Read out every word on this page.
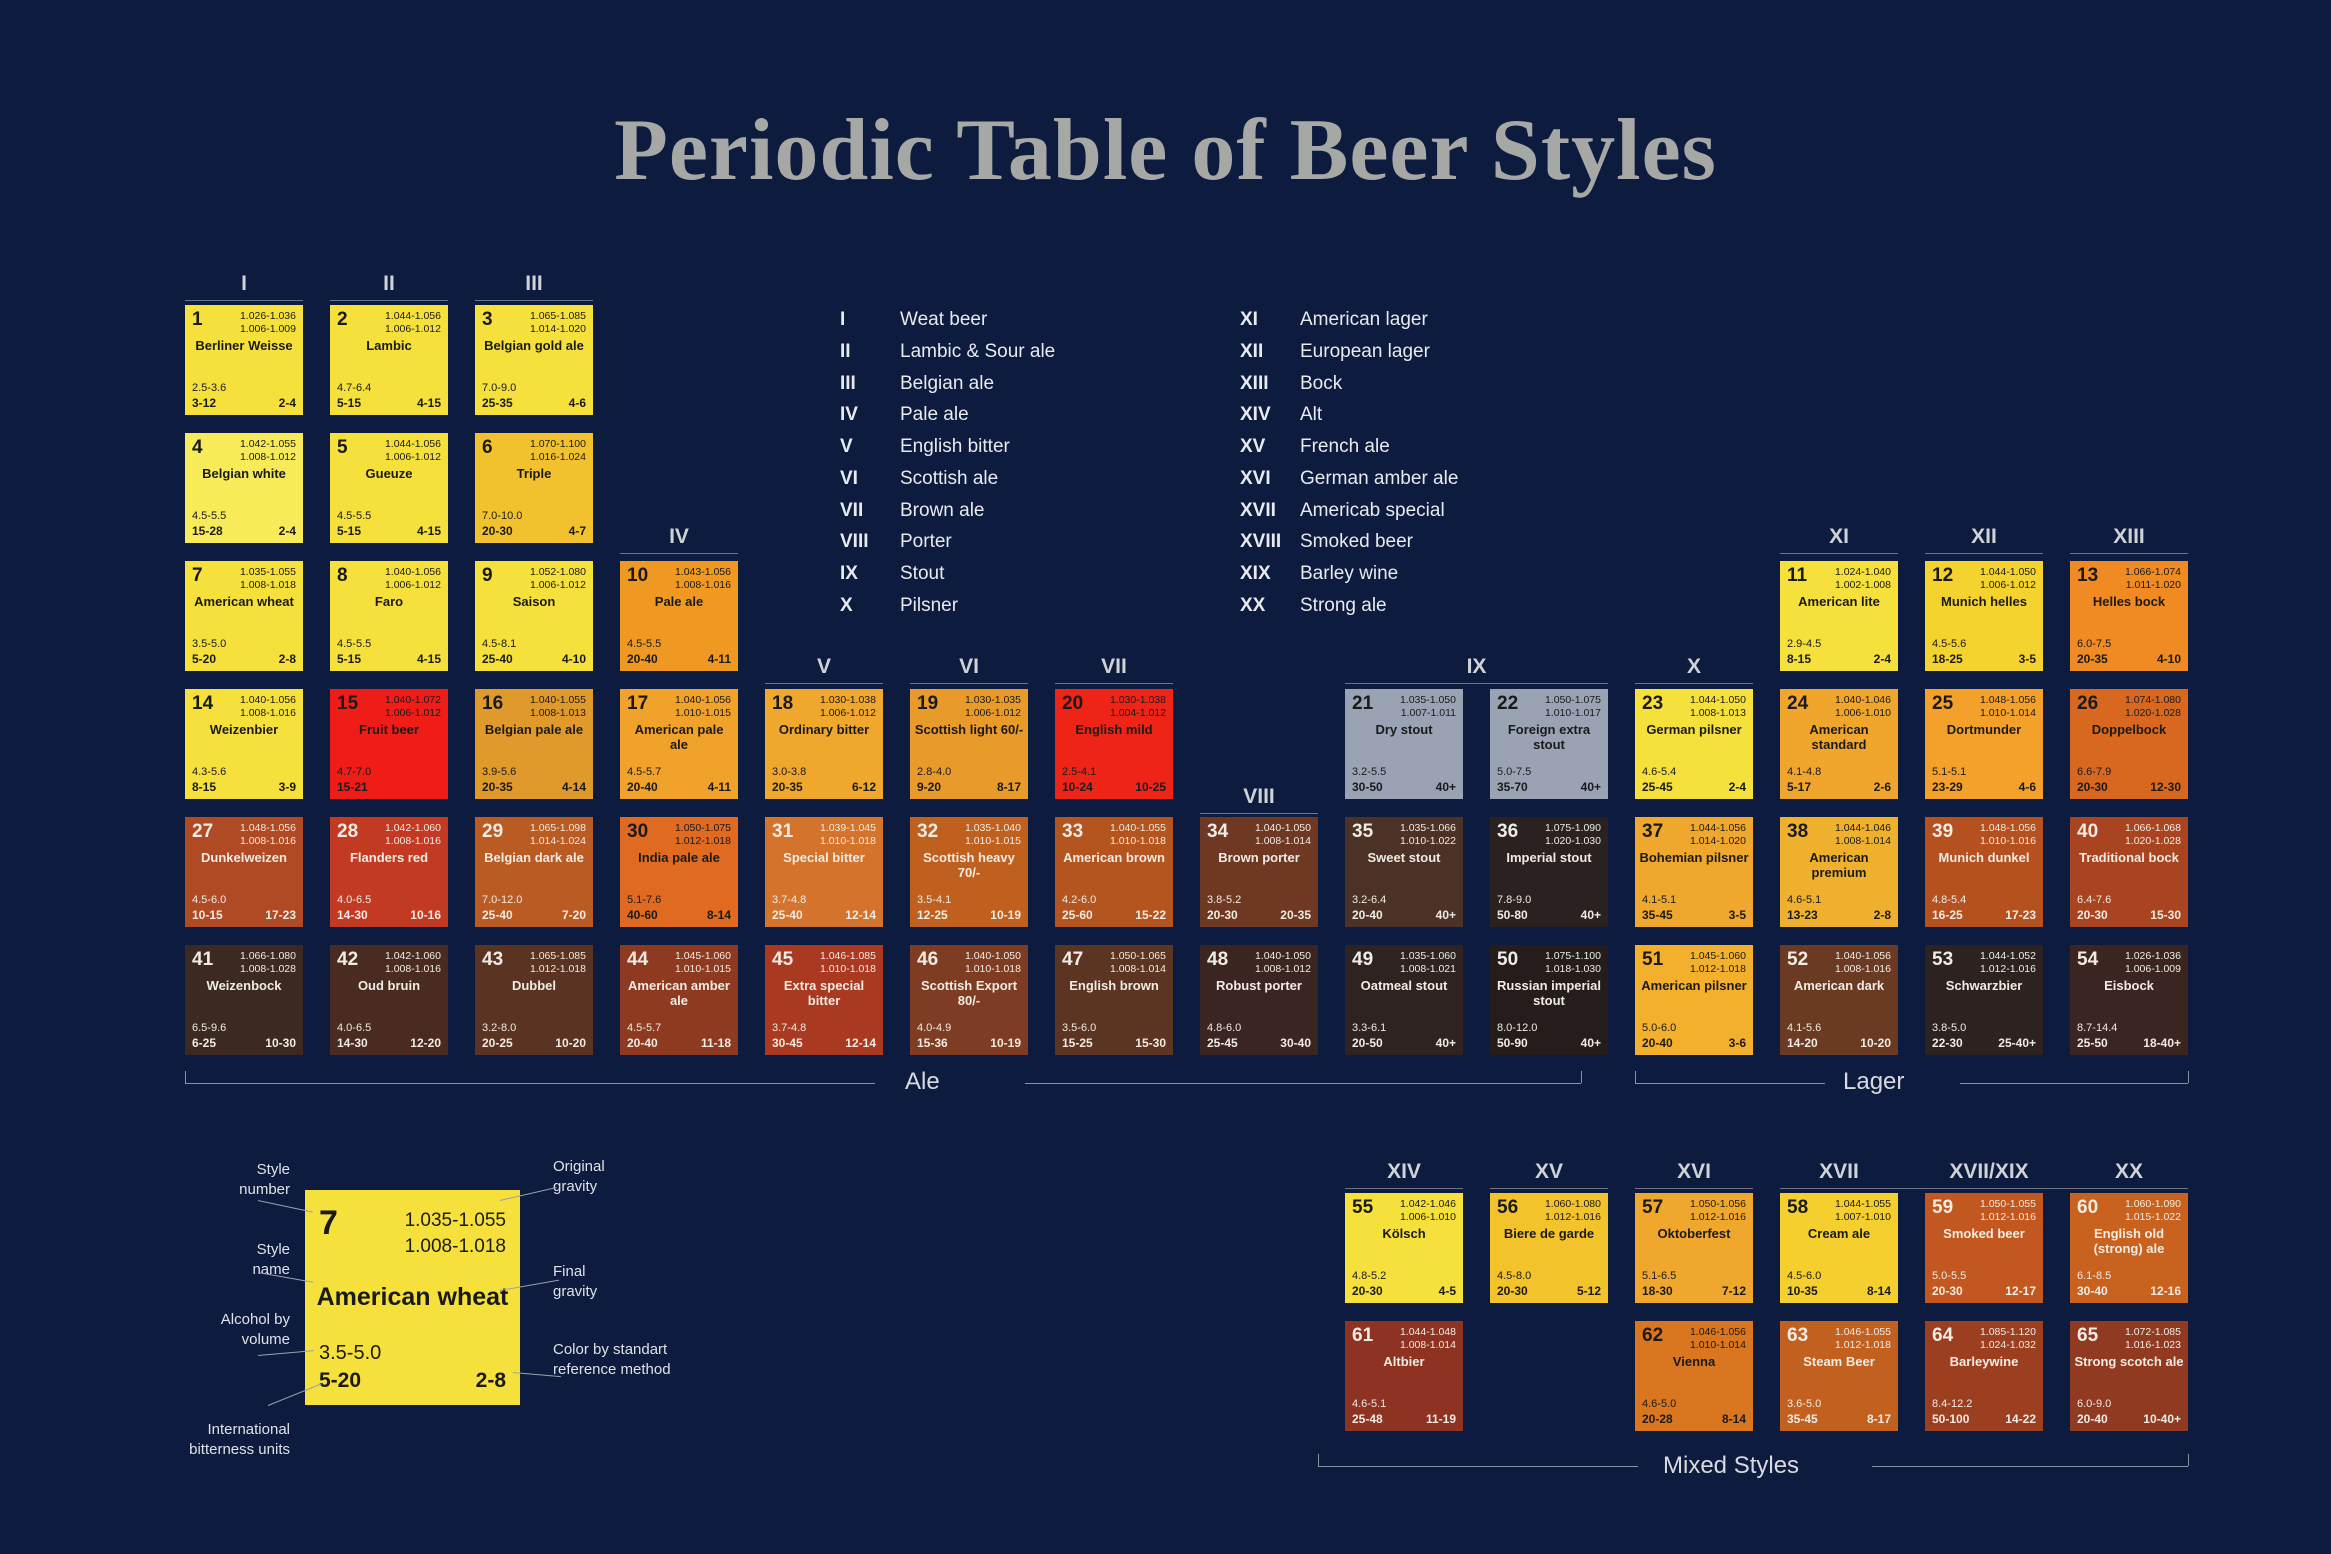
Periodic Table of Beer Styles
I	Weat beer
II	Lambic & Sour ale
III	Belgian ale
IV	Pale ale
V	English bitter
VI	Scottish ale
VII	Brown ale
VIII	Porter
IX	Stout
X	Pilsner
XI	American lager
XII	European lager
XIII	Bock
XIV	Alt
XV	French ale
XVI	German amber ale
XVII	Americab special
XVIII Smoked beer
XIX	Barley wine
XX	Strong ale
I	II	III
IV
V	VI	VII
VIII
IX	X
XI	XII	XIII
XIV	XV	XVI	XVII	XVII/XIX	XX
1	1.026-1.036
1.006-1.009
Berliner Weisse
2.5-3.6
3-12	2-4
2	1.044-1.056
1.006-1.012
Lambic
4.7-6.4
5-15	4-15
3	1.065-1.085
1.014-1.020
Belgian gold ale
7.0-9.0
25-35	4-6
4	1.042-1.055
1.008-1.012
Belgian white
4.5-5.5
15-28	2-4
5	1.044-1.056
1.006-1.012
Gueuze
4.5-5.5
5-15	4-15
6	1.070-1.100
1.016-1.024
Triple
7.0-10.0
20-30	4-7
7	1.035-1.055
1.008-1.018
American wheat
3.5-5.0
5-20	2-8
8	1.040-1.056
1.006-1.012
Faro
4.5-5.5
5-15	4-15
9	1.052-1.080
1.006-1.012
Saison
4.5-8.1
25-40	4-10
10	1.043-1.056
1.008-1.016
Pale ale
4.5-5.5
20-40	4-11
14	1.040-1.056
1.008-1.016
Weizenbier
4.3-5.6
8-15	3-9
15	1.040-1.072
1.006-1.012
Fruit beer
4.7-7.0
15-21
16	1.040-1.055
1.008-1.013
Belgian pale ale
3.9-5.6
20-35	4-14
17	1.040-1.056
1.010-1.015
American pale ale
4.5-5.7
20-40	4-11
18	1.030-1.038
1.006-1.012
Ordinary bitter
3.0-3.8
20-35	6-12
19	1.030-1.035
1.006-1.012
Scottish light 60/-
2.8-4.0
9-20	8-17
20	1.030-1.038
1.004-1.012
English mild
2.5-4.1
10-24	10-25
21	1.035-1.050
1.007-1.011
Dry stout
3.2-5.5
30-50	40+
22	1.050-1.075
1.010-1.017
Foreign extra stout
5.0-7.5
35-70	40+
23	1.044-1.050
1.008-1.013
German pilsner
4.6-5.4
25-45	2-4
24	1.040-1.046
1.006-1.010
American standard
4.1-4.8
5-17	2-6
25	1.048-1.056
1.010-1.014
Dortmunder
5.1-5.1
23-29	4-6
26	1.074-1.080
1.020-1.028
Doppelbock
6.6-7.9
20-30	12-30
11	1.024-1.040
1.002-1.008
American lite
2.9-4.5
8-15	2-4
12	1.044-1.050
1.006-1.012
Munich helles
4.5-5.6
18-25	3-5
13	1.066-1.074
1.011-1.020
Helles bock
6.0-7.5
20-35	4-10
27	1.048-1.056
1.008-1.016
Dunkelweizen
4.5-6.0
10-15	17-23
28	1.042-1.060
1.008-1.016
Flanders red
4.0-6.5
14-30	10-16
29	1.065-1.098
1.014-1.024
Belgian dark ale
7.0-12.0
25-40	7-20
30	1.050-1.075
1.012-1.018
India pale ale
5.1-7.6
40-60	8-14
31	1.039-1.045
1.010-1.018
Special bitter
3.7-4.8
25-40	12-14
32	1.035-1.040
1.010-1.015
Scottish heavy 70/-
3.5-4.1
12-25	10-19
33	1.040-1.055
1.010-1.018
American brown
4.2-6.0
25-60	15-22
34	1.040-1.050
1.008-1.014
Brown porter
3.8-5.2
20-30	20-35
35	1.035-1.066
1.010-1.022
Sweet stout
3.2-6.4
20-40	40+
36	1.075-1.090
1.020-1.030
Imperial stout
7.8-9.0
50-80	40+
37	1.044-1.056
1.014-1.020
Bohemian pilsner
4.1-5.1
35-45	3-5
38	1.044-1.046
1.008-1.014
American premium
4.6-5.1
13-23	2-8
39	1.048-1.056
1.010-1.016
Munich dunkel
4.8-5.4
16-25	17-23
40	1.066-1.068
1.020-1.028
Traditional bock
6.4-7.6
20-30	15-30
41	1.066-1.080
1.008-1.028
Weizenbock
6.5-9.6
6-25	10-30
42	1.042-1.060
1.008-1.016
Oud bruin
4.0-6.5
14-30	12-20
43	1.065-1.085
1.012-1.018
Dubbel
3.2-8.0
20-25	10-20
44	1.045-1.060
1.010-1.015
American amber ale
4.5-5.7
20-40	11-18
45	1.046-1.085
1.010-1.018
Extra special bitter
3.7-4.8
30-45	12-14
46	1.040-1.050
1.010-1.018
Scottish Export 80/-
4.0-4.9
15-36	10-19
47	1.050-1.065
1.008-1.014
English brown
3.5-6.0
15-25	15-30
48	1.040-1.050
1.008-1.012
Robust porter
4.8-6.0
25-45	30-40
49	1.035-1.060
1.008-1.021
Oatmeal stout
3.3-6.1
20-50	40+
50	1.075-1.100
1.018-1.030
Russian imperial stout
8.0-12.0
50-90	40+
51	1.045-1.060
1.012-1.018
American pilsner
5.0-6.0
20-40	3-6
52	1.040-1.056
1.008-1.016
American dark
4.1-5.6
14-20	10-20
53	1.044-1.052
1.012-1.016
Schwarzbier
3.8-5.0
22-30	25-40+
54	1.026-1.036
1.006-1.009
Eisbock
8.7-14.4
25-50	18-40+
55	1.042-1.046
1.006-1.010
Kölsch
4.8-5.2
20-30	4-5
56	1.060-1.080
1.012-1.016
Biere de garde
4.5-8.0
20-30	5-12
57	1.050-1.056
1.012-1.016
Oktoberfest
5.1-6.5
18-30	7-12
58	1.044-1.055
1.007-1.010
Cream ale
4.5-6.0
10-35	8-14
59	1.050-1.055
1.012-1.016
Smoked beer
5.0-5.5
20-30	12-17
60	1.060-1.090
1.015-1.022
English old (strong) ale
6.1-8.5
30-40	12-16
61	1.044-1.048
1.008-1.014
Altbier
4.6-5.1
25-48	11-19
62	1.046-1.056
1.010-1.014
Vienna
4.6-5.0
20-28	8-14
63	1.046-1.055
1.012-1.018
Steam Beer
3.6-5.0
35-45	8-17
64	1.085-1.120
1.024-1.032
Barleywine
8.4-12.2
50-100	14-22
65	1.072-1.085
1.016-1.023
Strong scotch ale
6.0-9.0
20-40	10-40+
Ale	Lager
Mixed Styles
7	1.035-1.055
1.008-1.018
American wheat
3.5-5.0
5-20	2-8
Style
number
Original
gravity
Style
name	Final
gravity
Alcohol by
volume
Color by standart
reference method
International
bitterness units
